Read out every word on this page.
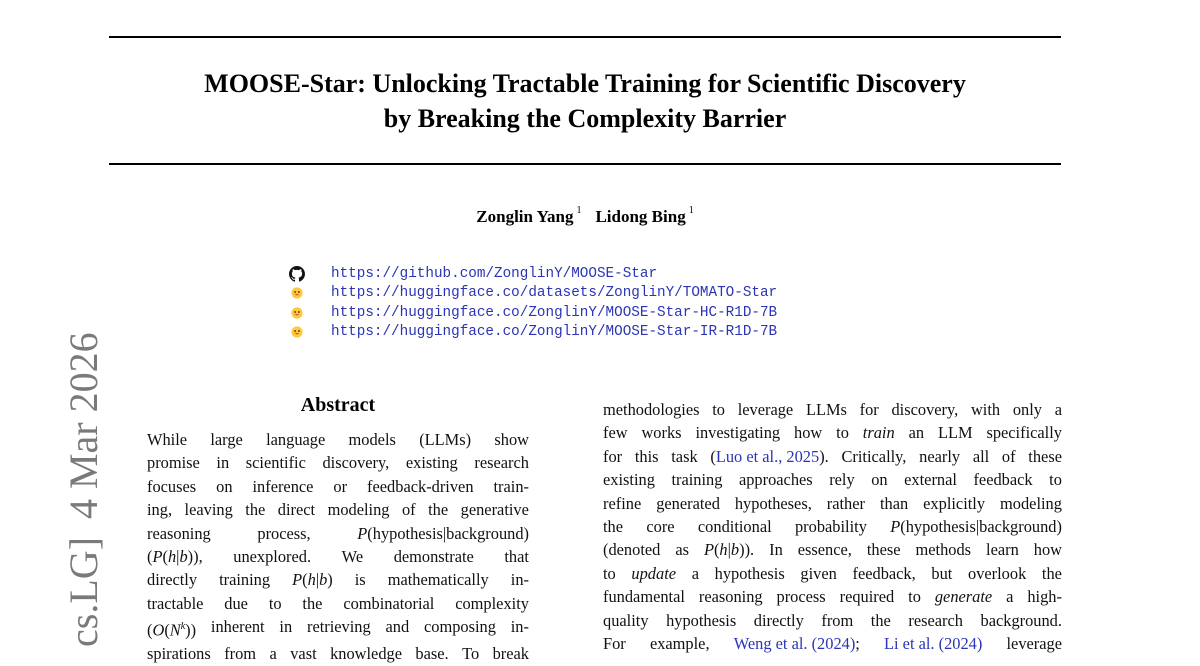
MOOSE-Star: Unlocking Tractable Training for Scientific Discovery
by Breaking the Complexity Barrier
Zonglin Yang $^1$ Lidong Bing $^1$
https://github.com/ZonglinY/MOOSE-Star
https://huggingface.co/datasets/ZonglinY/TOMATO-Star
https://huggingface.co/ZonglinY/MOOSE-Star-HC-R1D-7B
https://huggingface.co/ZonglinY/MOOSE-Star-IR-R1D-7B
cs.LG]4 Mar 2026	Abstract
While large language models (LLMs) show
promise in scientific discovery, existing research
focuses on inference or feedback-driven train-
ing, leaving the direct modeling of the generative
reasoning	process,	P(hypothesis|background)
(P(h|b)), unexplored. We demonstrate that
directly training P(h|b) is mathematically in-
tractable due to the combinatorial complexity
$(O(N^k))$ inherent in retrieving and composing in-
spirations from a vast knowledge base. To break
methodologies to leverage LLMs for discovery, with only a
few works investigating how to train an LLM specifically
for this task (Luo et al., 2025). Critically, nearly all of these
existing training approaches rely on external feedback to
refine generated hypotheses, rather than explicitly modeling
the core conditional probability P(hypothesis|background)
(denoted as P(h|b)). In essence, these methods learn how
to update a hypothesis given feedback, but overlook the
fundamental reasoning process required to generate a high-
quality hypothesis directly from the research background.
For example, Weng et al. (2024); Li et al. (2024) leverage
